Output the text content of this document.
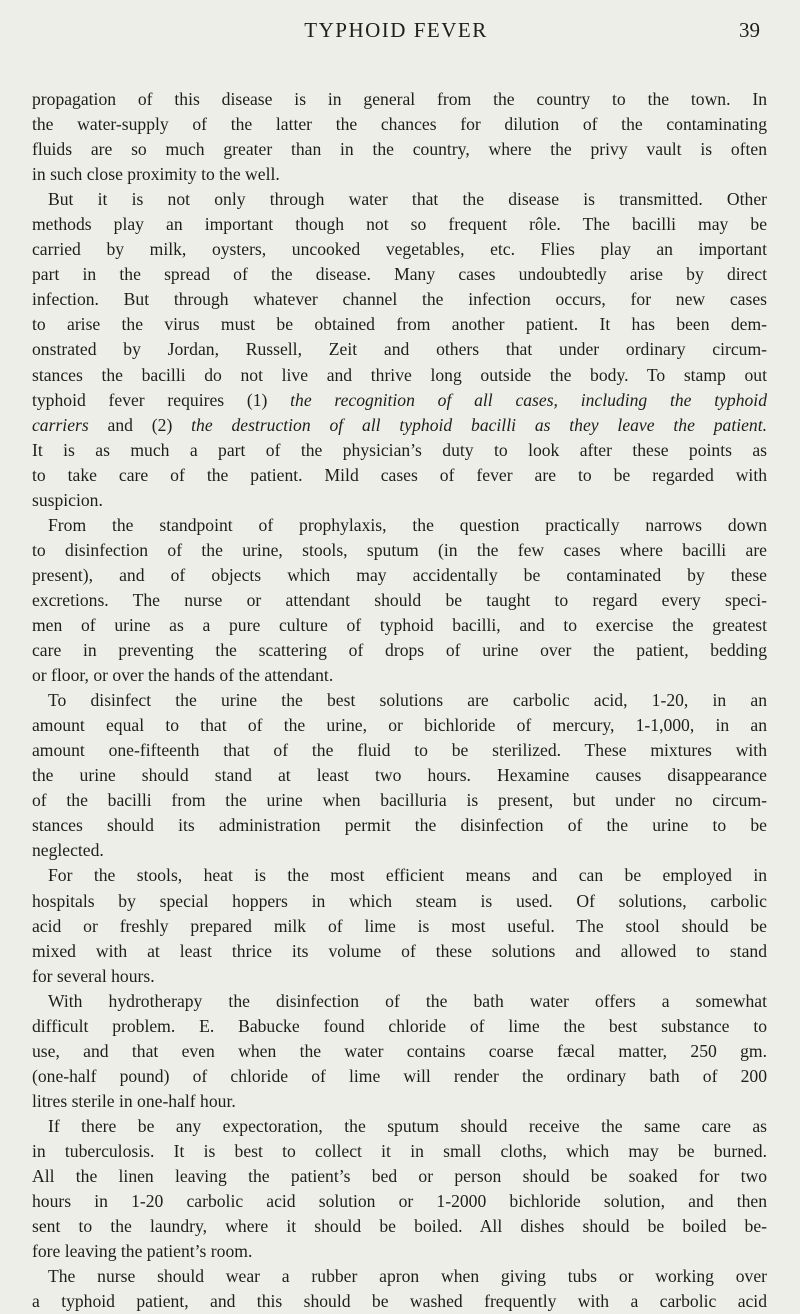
TYPHOID FEVER	39
propagation of this disease is in general from the country to the town. In
the water-supply of the latter the chances for dilution of the contaminating
fluids are so much greater than in the country, where the privy vault is often
in such close proximity to the well.
But it is not only through water that the disease is transmitted. Other
methods play an important though not so frequent rôle. The bacilli may be
carried by milk, oysters, uncooked vegetables, etc. Flies play an important
part in the spread of the disease. Many cases undoubtedly arise by direct
infection. But through whatever channel the infection occurs, for new cases
to arise the virus must be obtained from another patient. It has been dem-
onstrated by Jordan, Russell, Zeit and others that under ordinary circum-
stances the bacilli do not live and thrive long outside the body. To stamp out
typhoid fever requires (1) the recognition of all cases, including the typhoid
carriers and (2) the destruction of all typhoid bacilli as they leave the patient.
It is as much a part of the physician’s duty to look after these points as
to take care of the patient. Mild cases of fever are to be regarded with
suspicion.
From the standpoint of prophylaxis, the question practically narrows down
to disinfection of the urine, stools, sputum (in the few cases where bacilli are
present), and of objects which may accidentally be contaminated by these
excretions. The nurse or attendant should be taught to regard every speci-
men of urine as a pure culture of typhoid bacilli, and to exercise the greatest
care in preventing the scattering of drops of urine over the patient, bedding
or floor, or over the hands of the attendant.
To disinfect the urine the best solutions are carbolic acid, 1-20, in an
amount equal to that of the urine, or bichloride of mercury, 1-1,000, in an
amount one-fifteenth that of the fluid to be sterilized. These mixtures with
the urine should stand at least two hours. Hexamine causes disappearance
of the bacilli from the urine when bacilluria is present, but under no circum-
stances should its administration permit the disinfection of the urine to be
neglected.
For the stools, heat is the most efficient means and can be employed in
hospitals by special hoppers in which steam is used. Of solutions, carbolic
acid or freshly prepared milk of lime is most useful. The stool should be
mixed with at least thrice its volume of these solutions and allowed to stand
for several hours.
With hydrotherapy the disinfection of the bath water offers a somewhat
difficult problem. E. Babucke found chloride of lime the best substance to
use, and that even when the water contains coarse fæcal matter, 250 gm.
(one-half pound) of chloride of lime will render the ordinary bath of 200
litres sterile in one-half hour.
If there be any expectoration, the sputum should receive the same care as
in tuberculosis. It is best to collect it in small cloths, which may be burned.
All the linen leaving the patient’s bed or person should be soaked for two
hours in 1-20 carbolic acid solution or 1-2000 bichloride solution, and then
sent to the laundry, where it should be boiled. All dishes should be boiled be-
fore leaving the patient’s room.
The nurse should wear a rubber apron when giving tubs or working over
a typhoid patient, and this should be washed frequently with a carbolic acid
